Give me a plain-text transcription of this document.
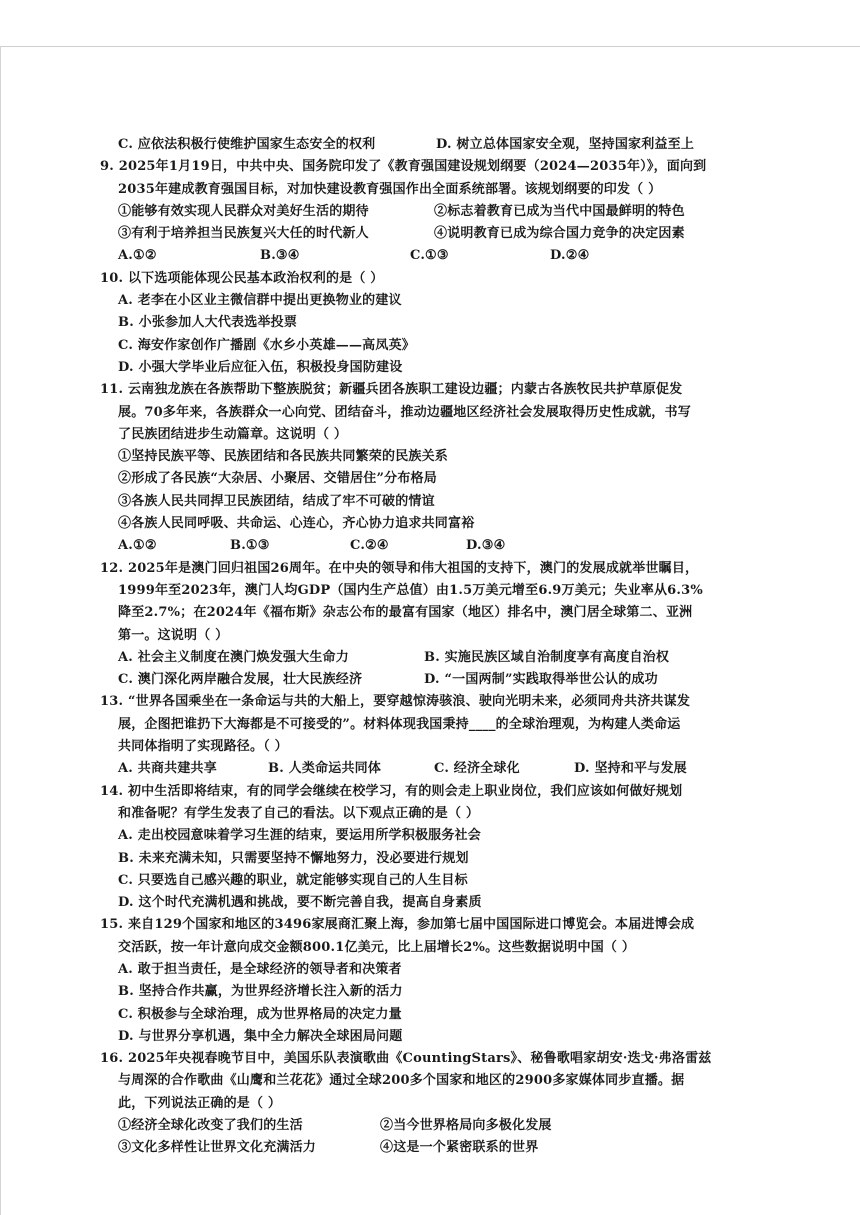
C. 应依法积极行使维护国家生态安全的权利	D. 树立总体国家安全观，坚持国家利益至上
9. 2025年1月19日，中共中央、国务院印发了《教育强国建设规划纲要（2024—2035年）》，面向到
2035年建成教育强国目标，对加快建设教育强国作出全面系统部署。该规划纲要的印发（ ）
①能够有效实现人民群众对美好生活的期待	②标志着教育已成为当代中国最鲜明的特色
③有利于培养担当民族复兴大任的时代新人	④说明教育已成为综合国力竞争的决定因素
A.①②	B.③④	C.①③	D.②④
10. 以下选项能体现公民基本政治权利的是（ ）
A. 老李在小区业主微信群中提出更换物业的建议
B. 小张参加人大代表选举投票
C. 海安作家创作广播剧《水乡小英雄——高凤英》
D. 小强大学毕业后应征入伍，积极投身国防建设
11. 云南独龙族在各族帮助下整族脱贫；新疆兵团各族职工建设边疆；内蒙古各族牧民共护草原促发
展。70多年来，各族群众一心向党、团结奋斗，推动边疆地区经济社会发展取得历史性成就，书写
了民族团结进步生动篇章。这说明（ ）
①坚持民族平等、民族团结和各民族共同繁荣的民族关系
②形成了各民族“大杂居、小聚居、交错居住”分布格局
③各族人民共同捍卫民族团结，结成了牢不可破的情谊
④各族人民同呼吸、共命运、心连心，齐心协力追求共同富裕
A.①②	B.①③	C.②④	D.③④
12. 2025年是澳门回归祖国26周年。在中央的领导和伟大祖国的支持下，澳门的发展成就举世瞩目，
1999年至2023年，澳门人均GDP（国内生产总值）由1.5万美元增至6.9万美元；失业率从6.3%
降至2.7%；在2024年《福布斯》杂志公布的最富有国家（地区）排名中，澳门居全球第二、亚洲
第一。这说明（ ）
A. 社会主义制度在澳门焕发强大生命力	B. 实施民族区域自治制度享有高度自治权
C. 澳门深化两岸融合发展，壮大民族经济	D. “一国两制”实践取得举世公认的成功
13. “世界各国乘坐在一条命运与共的大船上，要穿越惊涛骇浪、驶向光明未来，必须同舟共济共谋发
展，企图把谁扔下大海都是不可接受的”。材料体现我国秉持____的全球治理观，为构建人类命运
共同体指明了实现路径。（ ）
A. 共商共建共享	B. 人类命运共同体	C. 经济全球化	D. 坚持和平与发展
14. 初中生活即将结束，有的同学会继续在校学习，有的则会走上职业岗位，我们应该如何做好规划
和准备呢？有学生发表了自己的看法。以下观点正确的是（ ）
A. 走出校园意味着学习生涯的结束，要运用所学积极服务社会
B. 未来充满未知，只需要坚持不懈地努力，没必要进行规划
C. 只要选自己感兴趣的职业，就定能够实现自己的人生目标
D. 这个时代充满机遇和挑战，要不断完善自我，提高自身素质
15. 来自129个国家和地区的3496家展商汇聚上海，参加第七届中国国际进口博览会。本届进博会成
交活跃，按一年计意向成交金额800.1亿美元，比上届增长2%。这些数据说明中国（ ）
A. 敢于担当责任，是全球经济的领导者和决策者
B. 坚持合作共赢，为世界经济增长注入新的活力
C. 积极参与全球治理，成为世界格局的决定力量
D. 与世界分享机遇，集中全力解决全球困局问题
16. 2025年央视春晚节目中，美国乐队表演歌曲《CountingStars》、秘鲁歌唱家胡安·迭戈·弗洛雷兹
与周深的合作歌曲《山鹰和兰花花》通过全球200多个国家和地区的2900多家媒体同步直播。据
此，下列说法正确的是（ ）
①经济全球化改变了我们的生活	②当今世界格局向多极化发展
③文化多样性让世界文化充满活力	④这是一个紧密联系的世界
